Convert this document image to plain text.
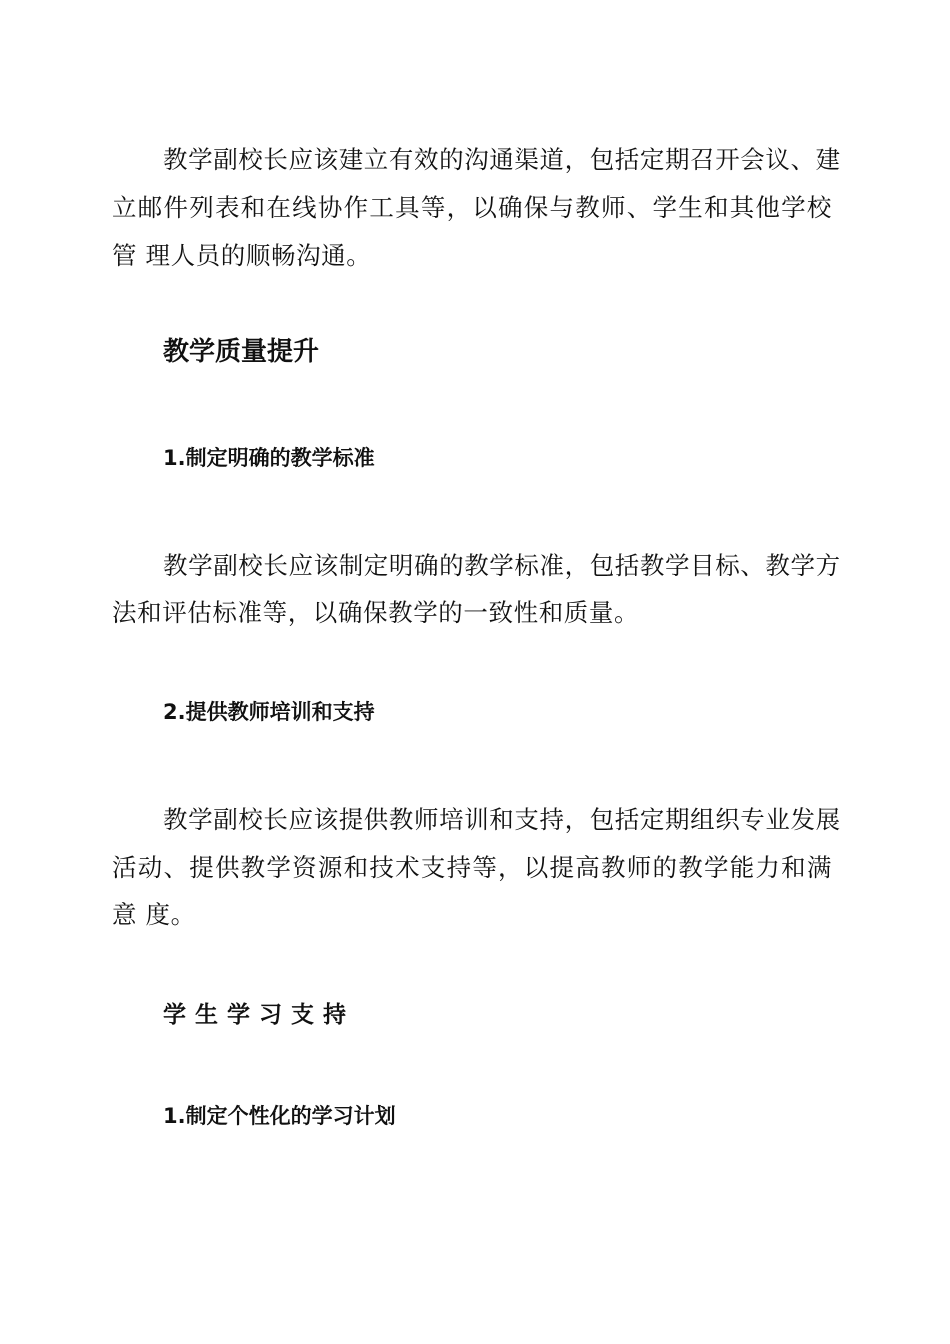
教学副校长应该建立有效的沟通渠道，包括定期召开会议、建
立邮件列表和在线协作工具等，以确保与教师、学生和其他学校
管 理人员的顺畅沟通。
教学质量提升
1.制定明确的教学标准
教学副校长应该制定明确的教学标准，包括教学目标、教学方
法和评估标准等，以确保教学的一致性和质量。
2.提供教师培训和支持
教学副校长应该提供教师培训和支持，包括定期组织专业发展
活动、提供教学资源和技术支持等，以提高教师的教学能力和满
意 度。
学生学习支持
1.制定个性化的学习计划
